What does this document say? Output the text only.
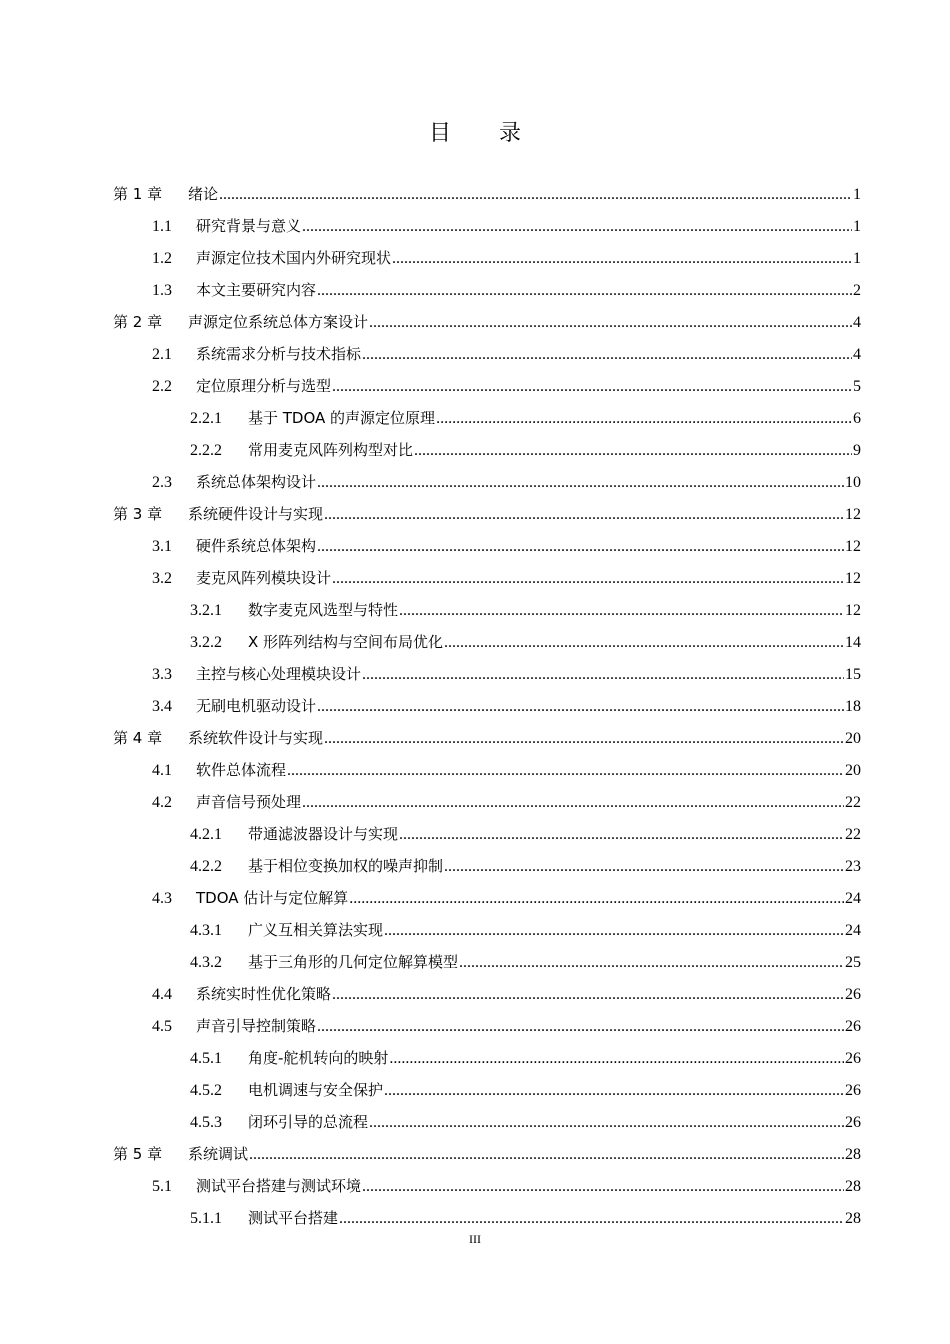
目 录
第 1 章	绪论 .....	1
1.1	研究背景与意义 .....	1
1.2	声源定位技术国内外研究现状 .....	1
1.3	本文主要研究内容 .....	2
第 2 章	声源定位系统总体方案设计 .....	4
2.1	系统需求分析与技术指标 .....	4
2.2	定位原理分析与选型 .....	5
2.2.1	基于 TDOA 的声源定位原理 .....	6
2.2.2	常用麦克风阵列构型对比 .....	9
2.3	系统总体架构设计 .....	10
第 3 章	系统硬件设计与实现 .....	12
3.1	硬件系统总体架构 .....	12
3.2	麦克风阵列模块设计 .....	12
3.2.1	数字麦克风选型与特性 .....	12
3.2.2	X 形阵列结构与空间布局优化 .....	14
3.3	主控与核心处理模块设计 .....	15
3.4	无刷电机驱动设计 .....	18
第 4 章	系统软件设计与实现 .....	20
4.1	软件总体流程 .....	20
4.2	声音信号预处理 .....	22
4.2.1	带通滤波器设计与实现 .....	22
4.2.2	基于相位变换加权的噪声抑制 .....	23
4.3	TDOA 估计与定位解算 .....	24
4.3.1	广义互相关算法实现 .....	24
4.3.2	基于三角形的几何定位解算模型 .....	25
4.4	系统实时性优化策略 .....	26
4.5	声音引导控制策略 .....	26
4.5.1	角度-舵机转向的映射 .....	26
4.5.2	电机调速与安全保护 .....	26
4.5.3	闭环引导的总流程 .....	26
第 5 章	系统调试 .....	28
5.1	测试平台搭建与测试环境 .....	28
5.1.1	测试平台搭建 .....	28
III
